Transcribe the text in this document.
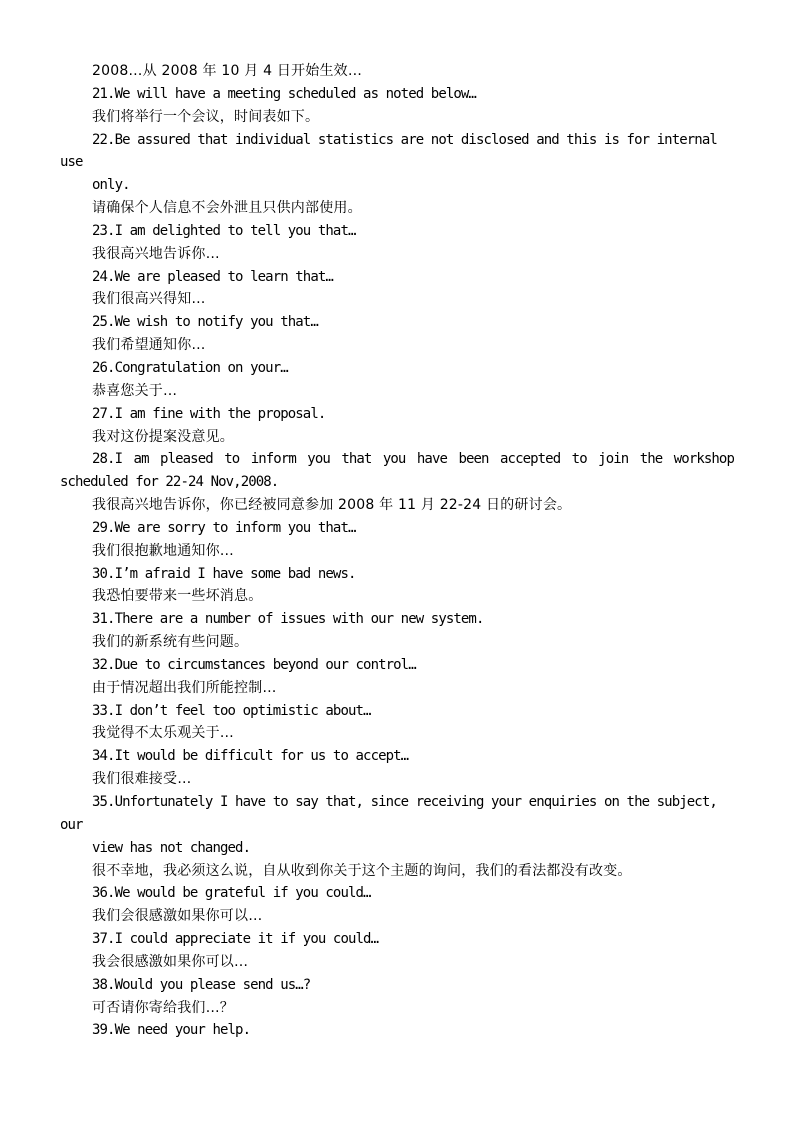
2008…从 2008 年 10 月 4 日开始生效…
21.We will have a meeting scheduled as noted below…
我们将举行一个会议，时间表如下。
22.Be assured that individual statistics are not disclosed and this is for internal
use
only.
请确保个人信息不会外泄且只供内部使用。
23.I am delighted to tell you that…
我很高兴地告诉你…
24.We are pleased to learn that…
我们很高兴得知…
25.We wish to notify you that…
我们希望通知你…
26.Congratulation on your…
恭喜您关于…
27.I am fine with the proposal.
我对这份提案没意见。
28.I am pleased to inform you that you have been accepted to join the workshop
scheduled for 22-24 Nov,2008.
我很高兴地告诉你，你已经被同意参加 2008 年 11 月 22-24 日的研讨会。
29.We are sorry to inform you that…
我们很抱歉地通知你…
30.I’m afraid I have some bad news.
我恐怕要带来一些坏消息。
31.There are a number of issues with our new system.
我们的新系统有些问题。
32.Due to circumstances beyond our control…
由于情况超出我们所能控制…
33.I don’t feel too optimistic about…
我觉得不太乐观关于…
34.It would be difficult for us to accept…
我们很难接受…
35.Unfortunately I have to say that, since receiving your enquiries on the subject,
our
view has not changed.
很不幸地，我必须这么说，自从收到你关于这个主题的询问，我们的看法都没有改变。
36.We would be grateful if you could…
我们会很感激如果你可以…
37.I could appreciate it if you could…
我会很感激如果你可以…
38.Would you please send us…?
可否请你寄给我们…？
39.We need your help.
